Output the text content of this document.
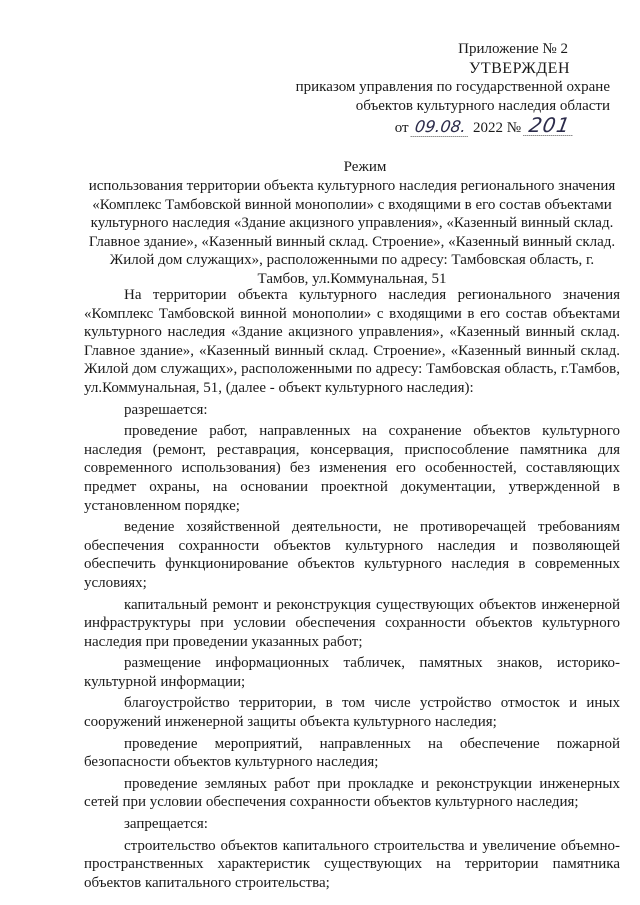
Приложение № 2
УТВЕРЖДЕН
приказом управления по государственной охране
объектов культурного наследия области
от 09.08. 2022 № 201
Режим
использования территории объекта культурного наследия регионального значения «Комплекс Тамбовской винной монополии» с входящими в его состав объектами культурного наследия «Здание акцизного управления», «Казенный винный склад. Главное здание», «Казенный винный склад. Строение», «Казенный винный склад. Жилой дом служащих», расположенными по адресу: Тамбовская область, г. Тамбов, ул.Коммунальная, 51

На территории объекта культурного наследия регионального значения «Комплекс Тамбовской винной монополии» с входящими в его состав объектами культурного наследия «Здание акцизного управления», «Казенный винный склад. Главное здание», «Казенный винный склад. Строение», «Казенный винный склад. Жилой дом служащих», расположенными по адресу: Тамбовская область, г.Тамбов, ул.Коммунальная, 51, (далее - объект культурного наследия):

разрешается:

проведение работ, направленных на сохранение объектов культурного наследия (ремонт, реставрация, консервация, приспособление памятника для современного использования) без изменения его особенностей, составляющих предмет охраны, на основании проектной документации, утвержденной в установленном порядке;

ведение хозяйственной деятельности, не противоречащей требованиям обеспечения сохранности объектов культурного наследия и позволяющей обеспечить функционирование объектов культурного наследия в современных условиях;

капитальный ремонт и реконструкция существующих объектов инженерной инфраструктуры при условии обеспечения сохранности объектов культурного наследия при проведении указанных работ;

размещение информационных табличек, памятных знаков, историко-культурной информации;

благоустройство территории, в том числе устройство отмосток и иных сооружений инженерной защиты объекта культурного наследия;

проведение мероприятий, направленных на обеспечение пожарной безопасности объектов культурного наследия;

проведение земляных работ при прокладке и реконструкции инженерных сетей при условии обеспечения сохранности объектов культурного наследия;

запрещается:

строительство объектов капитального строительства и увеличение объемно-пространственных характеристик существующих на территории памятника объектов капитального строительства;
